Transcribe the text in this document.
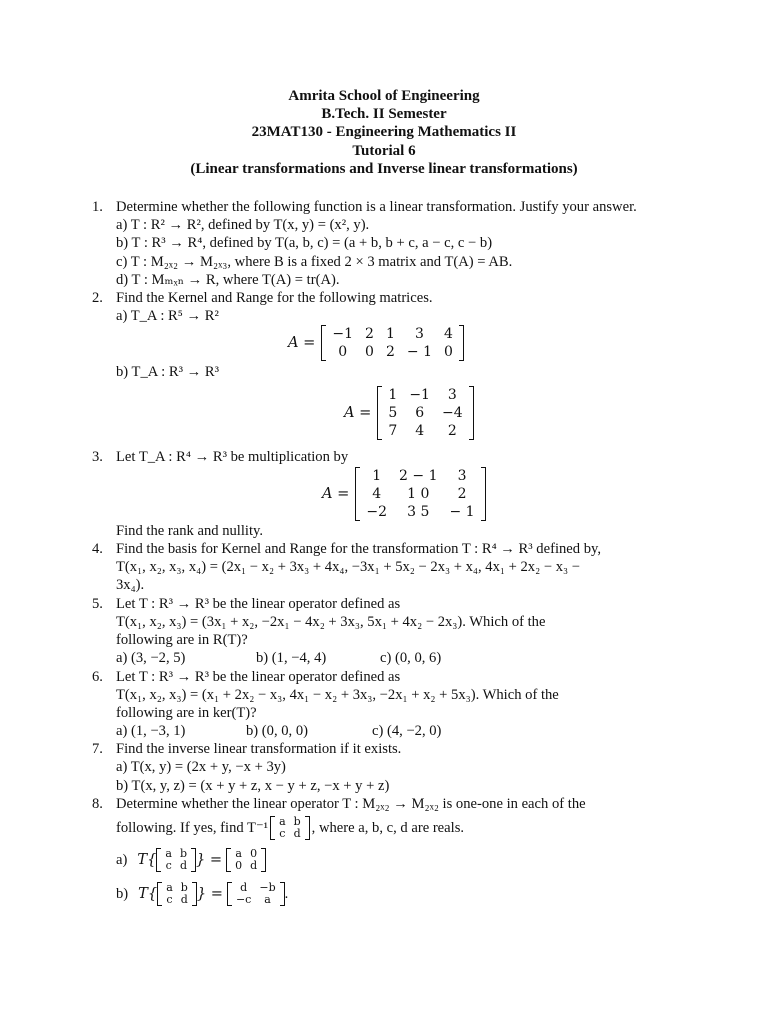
Amrita School of Engineering
B.Tech. II Semester
23MAT130 - Engineering Mathematics II
Tutorial 6
(Linear transformations and Inverse linear transformations)
1. Determine whether the following function is a linear transformation. Justify your answer.
a) T : R² → R², defined by T(x, y) = (x², y).
b) T : R³ → R⁴, defined by T(a, b, c) = (a + b, b + c, a − c, c − b)
c) T : M₂ₓ₂ → M₂ₓ₃, where B is a fixed 2 × 3 matrix and T(A) = AB.
d) T : Mₘₓₙ → R, where T(A) = tr(A).
2. Find the Kernel and Range for the following matrices.
a) T_A : R⁵ → R²
A = −1	2	1	3	4
0	0	2	− 1	0
b) T_A : R³ → R³
A =
1	−1	3
5	6	−4
7	4	2
3. Let T_A : R⁴ → R³ be multiplication by
A =
1	2 − 1	3
4	1 0	2
−2	3 5	− 1
Find the rank and nullity.
4. Find the basis for Kernel and Range for the transformation T : R⁴ → R³ defined by,
T(x₁, x₂, x₃, x₄) = (2x₁ − x₂ + 3x₃ + 4x₄, −3x₁ + 5x₂ − 2x₃ + x₄, 4x₁ + 2x₂ − x₃ −
3x₄).
5. Let T : R³ → R³ be the linear operator defined as
T(x₁, x₂, x₃) = (3x₁ + x₂, −2x₁ − 4x₂ + 3x₃, 5x₁ + 4x₂ − 2x₃). Which of the
following are in R(T)?
a) (3, −2, 5)	b) (1, −4, 4)	c) (0, 0, 6)
6. Let T : R³ → R³ be the linear operator defined as
T(x₁, x₂, x₃) = (x₁ + 2x₂ − x₃, 4x₁ − x₂ + 3x₃, −2x₁ + x₂ + 5x₃). Which of the
following are in ker(T)?
a) (1, −3, 1)	b) (0, 0, 0)	c) (4, −2, 0)
7. Find the inverse linear transformation if it exists.
a) T(x, y) = (2x + y, −x + 3y)
b) T(x, y, z) = (x + y + z, x − y + z, −x + y + z)
8. Determine whether the linear operator T : M₂ₓ₂ → M₂ₓ₂ is one-one in each of the
following. If yes, find T⁻¹ a	b
c	d , where a, b, c, d are reals.
a) T{ a	b
c	d } = a	0
0	d
b) T{ a	b
c	d } = d	−b
−c	a .
